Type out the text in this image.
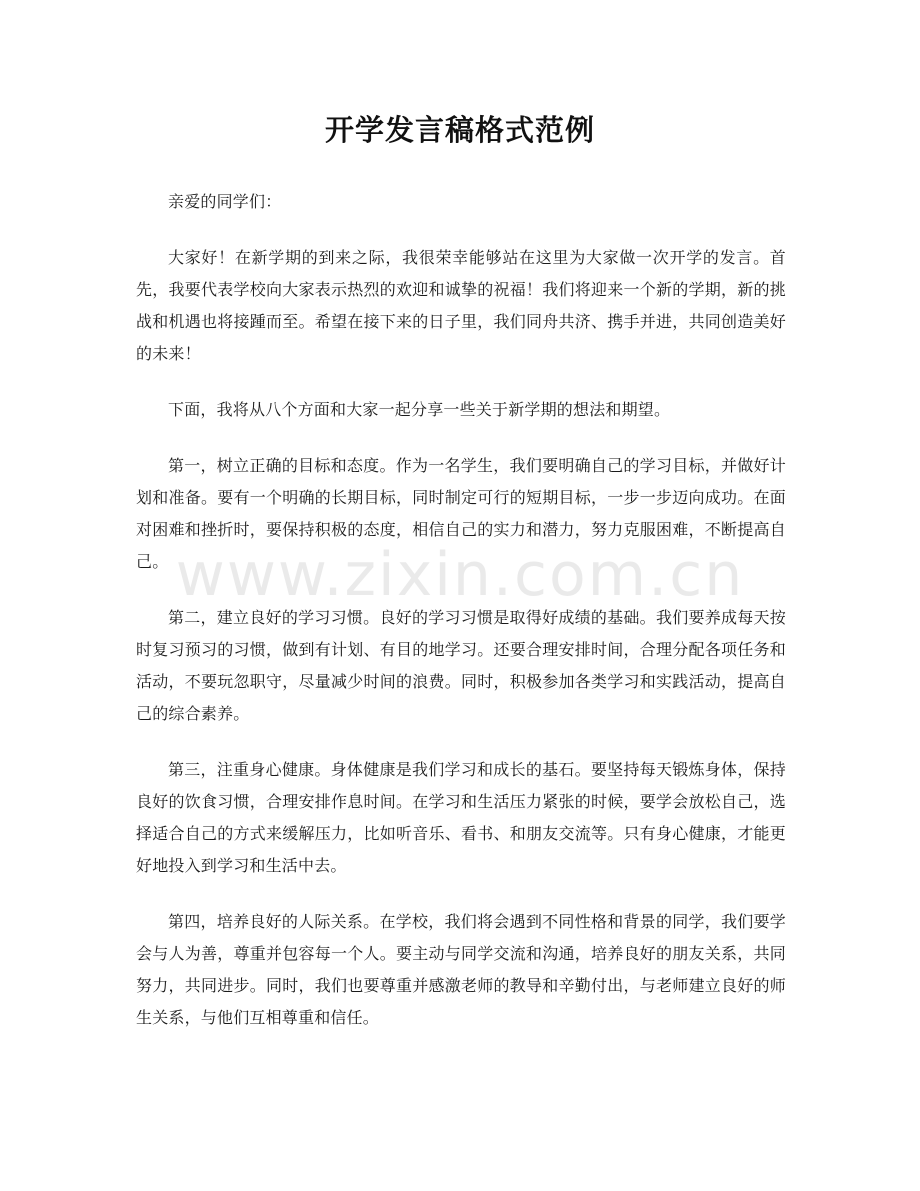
开学发言稿格式范例

亲爱的同学们：

大家好！在新学期的到来之际，我很荣幸能够站在这里为大家做一次开学的发言。首先，我要代表学校向大家表示热烈的欢迎和诚挚的祝福！我们将迎来一个新的学期，新的挑战和机遇也将接踵而至。希望在接下来的日子里，我们同舟共济、携手并进，共同创造美好的未来！

下面，我将从八个方面和大家一起分享一些关于新学期的想法和期望。

第一，树立正确的目标和态度。作为一名学生，我们要明确自己的学习目标，并做好计划和准备。要有一个明确的长期目标，同时制定可行的短期目标，一步一步迈向成功。在面对困难和挫折时，要保持积极的态度，相信自己的实力和潜力，努力克服困难，不断提高自己。

第二，建立良好的学习习惯。良好的学习习惯是取得好成绩的基础。我们要养成每天按时复习预习的习惯，做到有计划、有目的地学习。还要合理安排时间，合理分配各项任务和活动，不要玩忽职守，尽量减少时间的浪费。同时，积极参加各类学习和实践活动，提高自己的综合素养。

第三，注重身心健康。身体健康是我们学习和成长的基石。要坚持每天锻炼身体，保持良好的饮食习惯，合理安排作息时间。在学习和生活压力紧张的时候，要学会放松自己，选择适合自己的方式来缓解压力，比如听音乐、看书、和朋友交流等。只有身心健康，才能更好地投入到学习和生活中去。

第四，培养良好的人际关系。在学校，我们将会遇到不同性格和背景的同学，我们要学会与人为善，尊重并包容每一个人。要主动与同学交流和沟通，培养良好的朋友关系，共同努力，共同进步。同时，我们也要尊重并感激老师的教导和辛勤付出，与老师建立良好的师生关系，与他们互相尊重和信任。

www.zixin.com.cn
